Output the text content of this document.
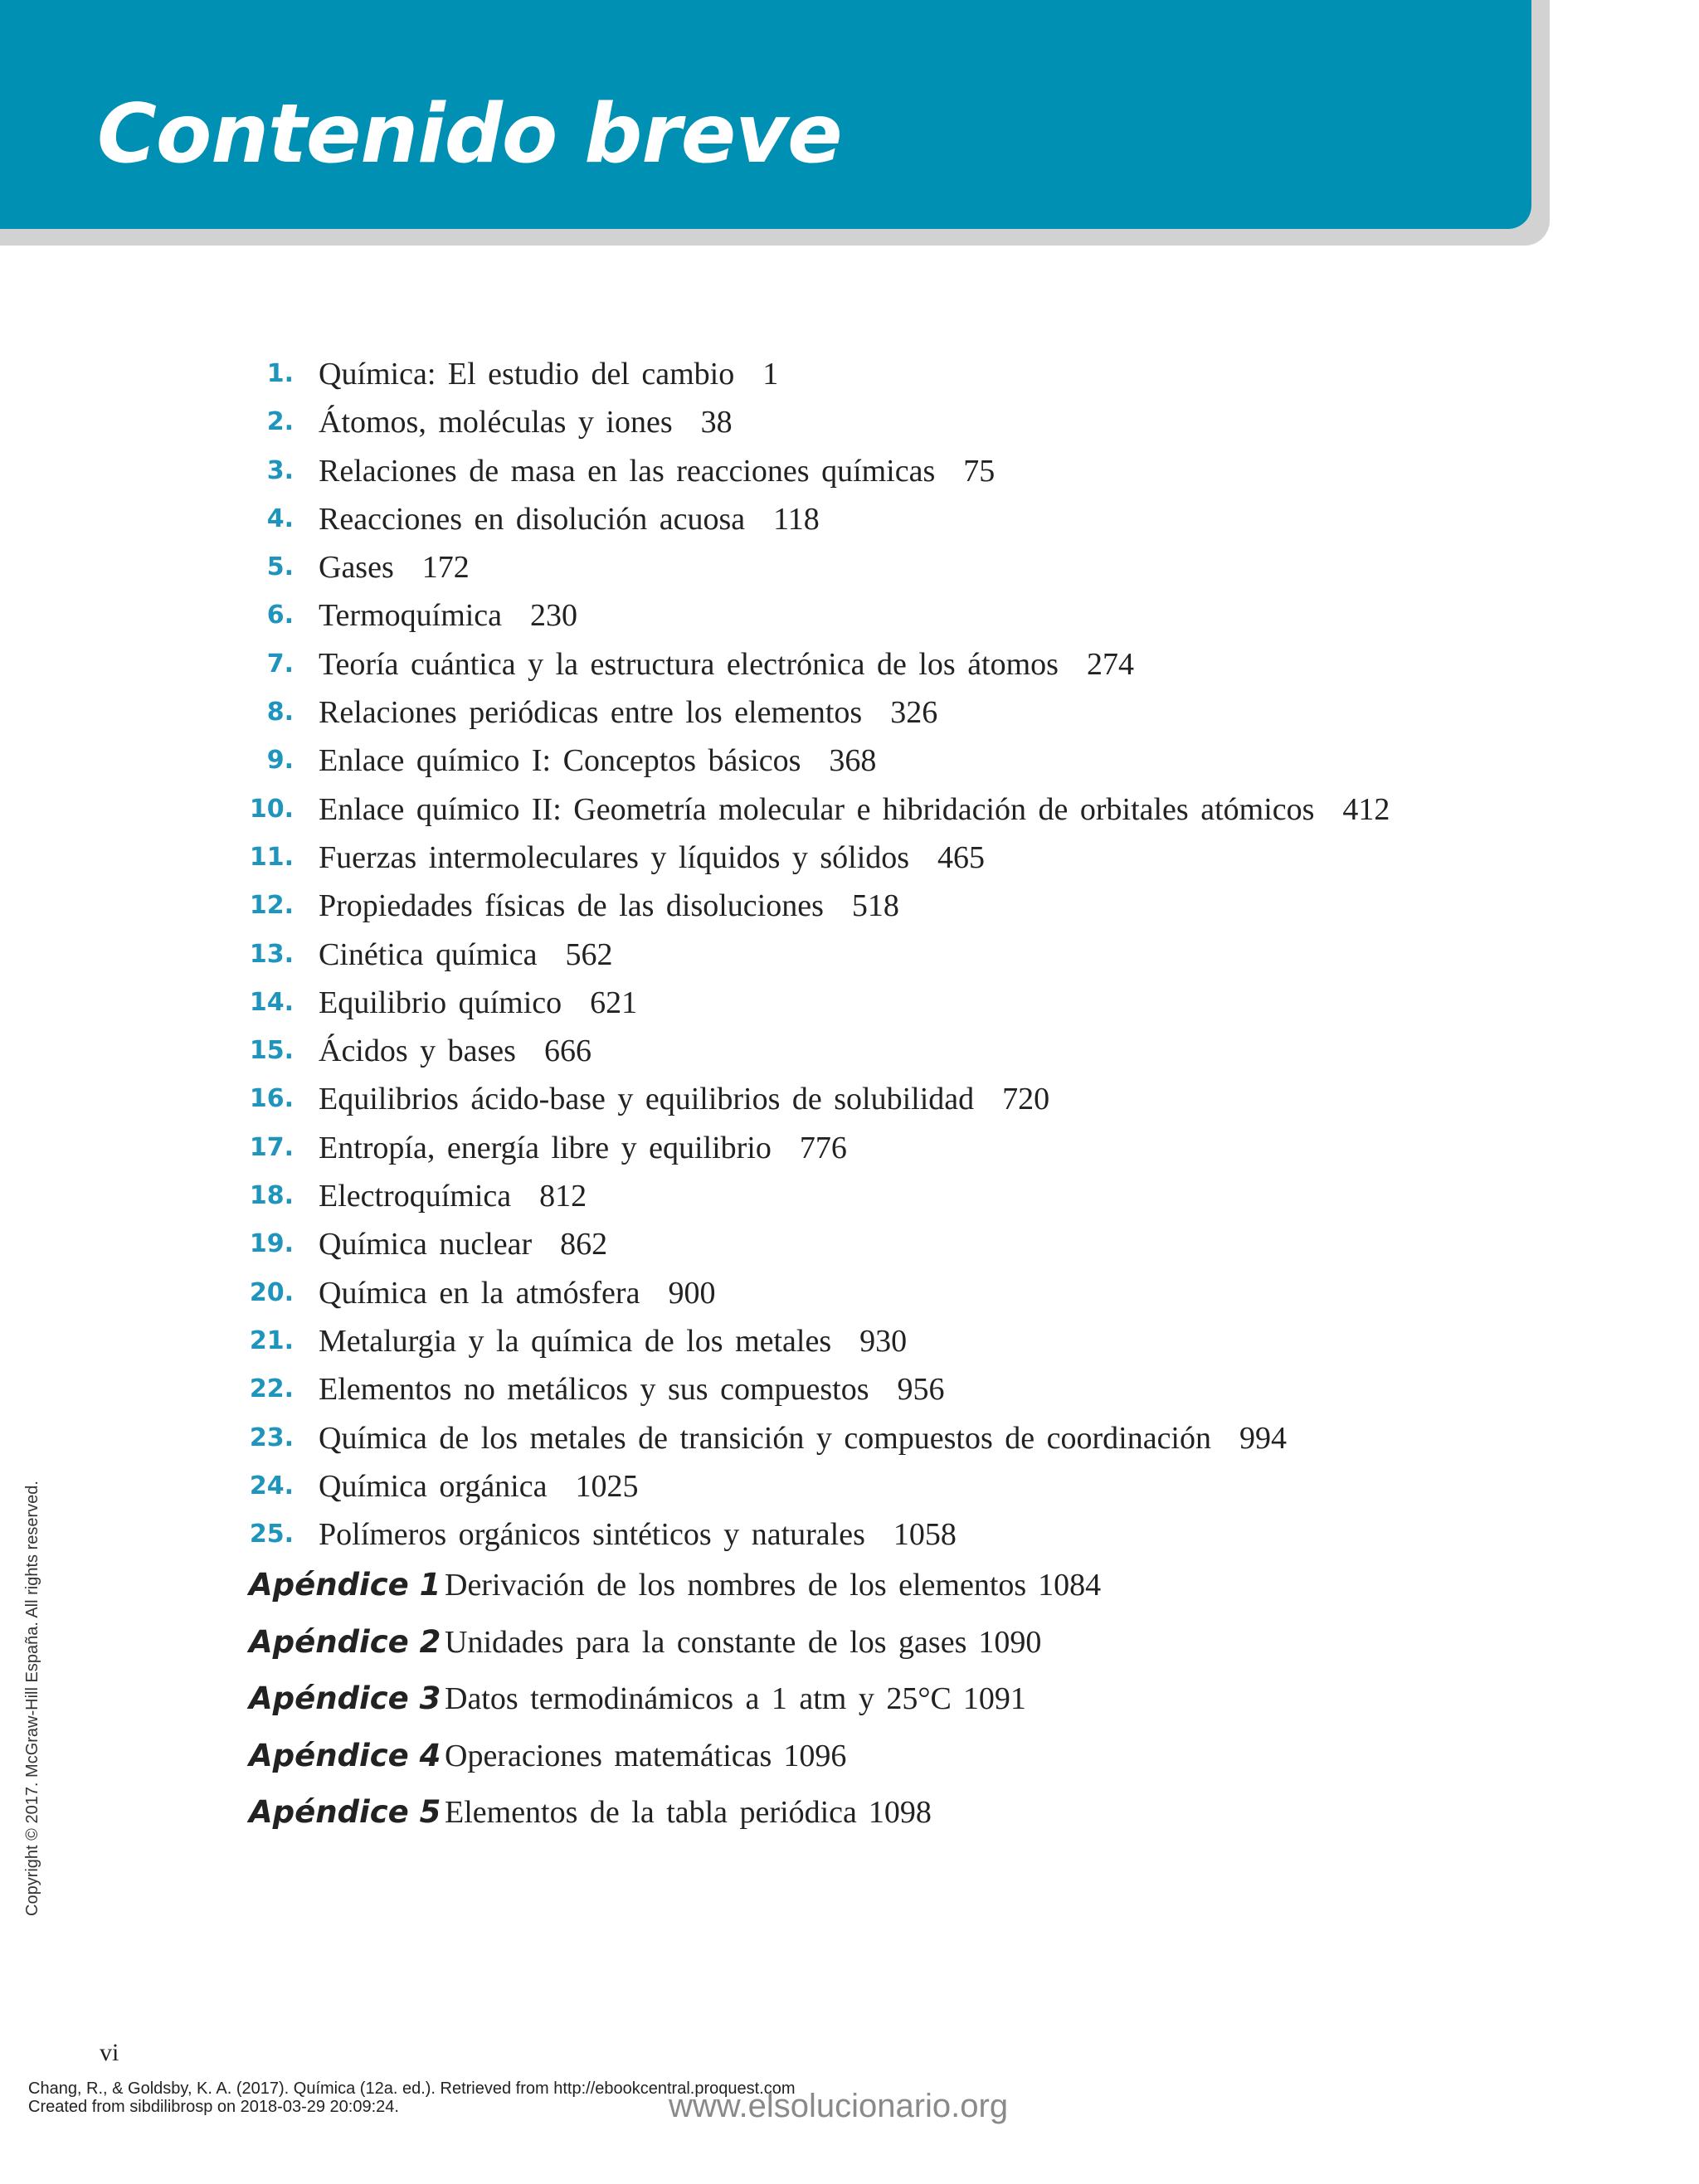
Contenido breve
1. Química: El estudio del cambio 1
2. Átomos, moléculas y iones 38
3. Relaciones de masa en las reacciones químicas 75
4. Reacciones en disolución acuosa 118
5. Gases 172
6. Termoquímica 230
7. Teoría cuántica y la estructura electrónica de los átomos 274
8. Relaciones periódicas entre los elementos 326
9. Enlace químico I: Conceptos básicos 368
10. Enlace químico II: Geometría molecular e hibridación de orbitales atómicos 412
11. Fuerzas intermoleculares y líquidos y sólidos 465
12. Propiedades físicas de las disoluciones 518
13. Cinética química 562
14. Equilibrio químico 621
15. Ácidos y bases 666
16. Equilibrios ácido-base y equilibrios de solubilidad 720
17. Entropía, energía libre y equilibrio 776
18. Electroquímica 812
19. Química nuclear 862
20. Química en la atmósfera 900
21. Metalurgia y la química de los metales 930
22. Elementos no metálicos y sus compuestos 956
23. Química de los metales de transición y compuestos de coordinación 994
24. Química orgánica 1025
25. Polímeros orgánicos sintéticos y naturales 1058
Apéndice 1 Derivación de los nombres de los elementos 1084
Apéndice 2 Unidades para la constante de los gases 1090
Apéndice 3 Datos termodinámicos a 1 atm y 25°C 1091
Apéndice 4 Operaciones matemáticas 1096
Apéndice 5 Elementos de la tabla periódica 1098
Copyright © 2017. McGraw-Hill España. All rights reserved.
vi
Chang, R., & Goldsby, K. A. (2017). Química (12a. ed.). Retrieved from http://ebookcentral.proquest.com
Created from sibdilibrosp on 2018-03-29 20:09:24.	www.elsolucionario.org
